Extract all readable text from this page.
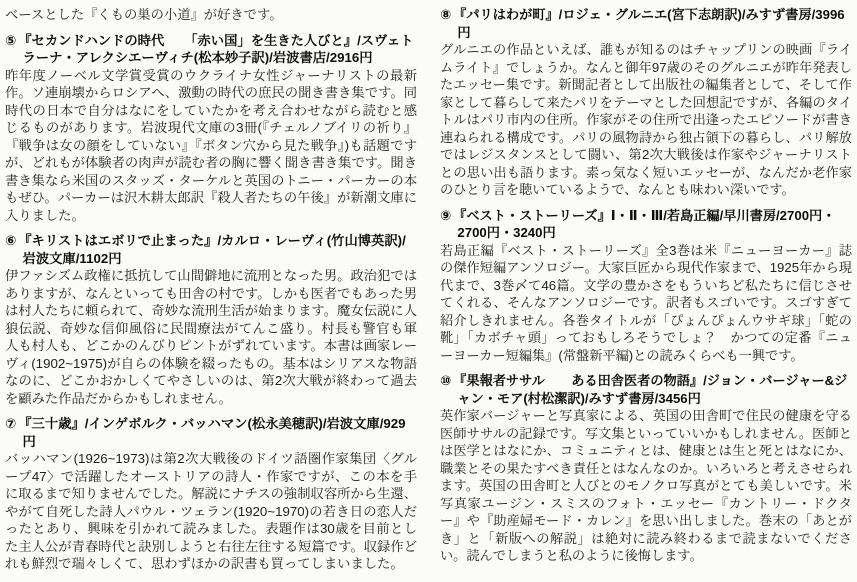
ベースとした『くもの巣の小道』が好きです。

⑤ 『セカンドハンドの時代　　「赤い国」を生きた人びと』/スヴェトラーナ・アレクシエーヴィチ(松本妙子訳)/岩波書店/2916円

昨年度ノーベル文学賞受賞のウクライナ女性ジャーナリストの最新作。ソ連崩壊からロシアへ、激動の時代の庶民の聞き書き集です。同時代の日本で自分はなにをしていたかを考え合わせながら読むと感じるものがあります。岩波現代文庫の3冊(『チェルノブイリの祈り』『戦争は女の顔をしていない』『ボタン穴から見た戦争』)も話題ですが、どれもが体験者の肉声が読む者の胸に響く聞き書き集です。聞き書き集なら米国のスタッズ・ターケルと英国のトニー・パーカーの本もぜひ。パーカーは沢木耕太郎訳『殺人者たちの午後』が新潮文庫に入りました。

⑥ 『キリストはエボリで止まった』/カルロ・レーヴィ(竹山博英訳)/岩波文庫/1102円

伊ファシズム政権に抵抗して山間僻地に流刑となった男。政治犯ではありますが、なんといっても田舎の村です。しかも医者でもあった男は村人たちに頼られて、奇妙な流刑生活が始まります。魔女伝説に人狼伝説、奇妙な信仰風俗に民間療法がてんこ盛り。村長も警官も軍人も村人も、どこかのんびりピントがずれています。本書は画家レーヴィ(1902~1975)が自らの体験を綴ったもの。基本はシリアスな物語なのに、どこかおかしくてやさしいのは、第2次大戦が終わって過去を顧みた作品だからかもしれません。

⑦ 『三十歳』/インゲボルク・バッハマン(松永美穂訳)/岩波文庫/929円

バッハマン(1926~1973)は第2次大戦後のドイツ語圏作家集団〈グループ47〉で活躍したオーストリアの詩人・作家ですが、この本を手に取るまで知りませんでした。解説にナチスの強制収容所から生還、やがて自死した詩人パウル・ツェラン(1920~1970)の若き日の恋人だったとあり、興味を引かれて読みました。表題作は30歳を目前とした主人公が青春時代と訣別しようと右往左往する短篇です。収録作どれも鮮烈で瑞々しくて、思わずほかの訳書も買ってしまいました。

⑧ 『パリはわが町』/ロジェ・グルニエ(宮下志朗訳)/みすず書房/3996円

グルニエの作品といえば、誰もが知るのはチャップリンの映画『ライムライト』でしょうか。なんと御年97歳のそのグルニエが昨年発表したエッセー集です。新聞記者として出版社の編集者として、そして作家として暮らして来たパリをテーマとした回想記ですが、各編のタイトルはパリ市内の住所。作家がその住所で出逢ったエピソードが書き連ねられる構成です。パリの風物詩から独占領下の暮らし、パリ解放ではレジスタンスとして闘い、第2次大戦後は作家やジャーナリストとの思い出も語ります。素っ気なく短いエッセーが、なんだか老作家のひとり言を聴いているようで、なんとも味わい深いです。

⑨ 『ベスト・ストーリーズ』Ⅰ・Ⅱ・Ⅲ/若島正編/早川書房/2700円・2700円・3240円

若島正編『ベスト・ストーリーズ』全3巻は米『ニューヨーカー』誌の傑作短編アンソロジー。大家巨匠から現代作家まで、1925年から現代まで、3巻〆て46篇。文学の豊かさをもういちど私たちに信じさせてくれる、そんなアンソロジーです。訳者もスゴいです。スゴすぎて紹介しきれません。各巻タイトルが「ぴょんぴょんウサギ球」「蛇の靴」「カボチャ頭」っておもしろそうでしょ？　かつての定番『ニューヨーカー短編集』(常盤新平編)との読みくらべも一興です。

⑩ 『果報者ササル　　ある田舎医者の物語』/ジョン・バージャー&ジャン・モア(村松潔訳)/みすず書房/3456円

英作家バージャーと写真家による、英国の田舎町で住民の健康を守る医師ササルの記録です。写文集といっていいかもしれません。医師とは医学とはなにか、コミュニティとは、健康とは生と死とはなにか、職業とその果たすべき責任とはなんなのか。いろいろと考えさせられます。英国の田舎町と人びとのモノクロ写真がとても美しいです。米写真家ユージン・スミスのフォト・エッセー『カントリー・ドクター』や『助産婦モード・カレン』を思い出しました。巻末の「あとがき」と「新版への解説」は絶対に読み終わるまで読まないでください。読んでしまうと私のように後悔します。
